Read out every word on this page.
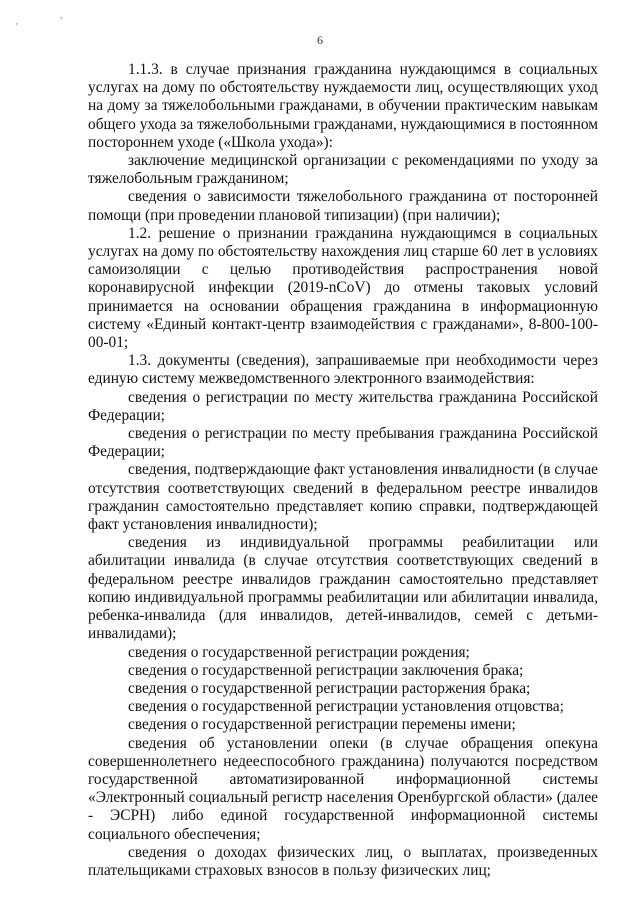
'
,
6

1.1.3. в случае признания гражданина нуждающимся в социальных услугах на дому по обстоятельству нуждаемости лиц, осуществляющих уход на дому за тяжелобольными гражданами, в обучении практическим навыкам общего ухода за тяжелобольными гражданами, нуждающимися в постоянном постороннем уходе («Школа ухода»):

заключение медицинской организации с рекомендациями по уходу за тяжелобольным гражданином;

сведения о зависимости тяжелобольного гражданина от посторонней помощи (при проведении плановой типизации) (при наличии);

1.2. решение о признании гражданина нуждающимся в социальных услугах на дому по обстоятельству нахождения лиц старше 60 лет в условиях самоизоляции с целью противодействия распространения новой коронавирусной инфекции (2019-nCoV) до отмены таковых условий принимается на основании обращения гражданина в информационную систему «Единый контакт-центр взаимодействия с гражданами», 8-800-100-00-01;

1.3. документы (сведения), запрашиваемые при необходимости через единую систему межведомственного электронного взаимодействия:

сведения о регистрации по месту жительства гражданина Российской Федерации;

сведения о регистрации по месту пребывания гражданина Российской Федерации;

сведения, подтверждающие факт установления инвалидности (в случае отсутствия соответствующих сведений в федеральном реестре инвалидов гражданин самостоятельно представляет копию справки, подтверждающей факт установления инвалидности);

сведения из индивидуальной программы реабилитации или абилитации инвалида (в случае отсутствия соответствующих сведений в федеральном реестре инвалидов гражданин самостоятельно представляет копию индивидуальной программы реабилитации или абилитации инвалида, ребенка-инвалида (для инвалидов, детей-инвалидов, семей с детьми-инвалидами);

сведения о государственной регистрации рождения;

сведения о государственной регистрации заключения брака;

сведения о государственной регистрации расторжения брака;

сведения о государственной регистрации установления отцовства;

сведения о государственной регистрации перемены имени;

сведения об установлении опеки (в случае обращения опекуна совершеннолетнего недееспособного гражданина) получаются посредством государственной автоматизированной информационной системы «Электронный социальный регистр населения Оренбургской области» (далее - ЭСРН) либо единой государственной информационной системы социального обеспечения;

сведения о доходах физических лиц, о выплатах, произведенных плательщиками страховых взносов в пользу физических лиц;
